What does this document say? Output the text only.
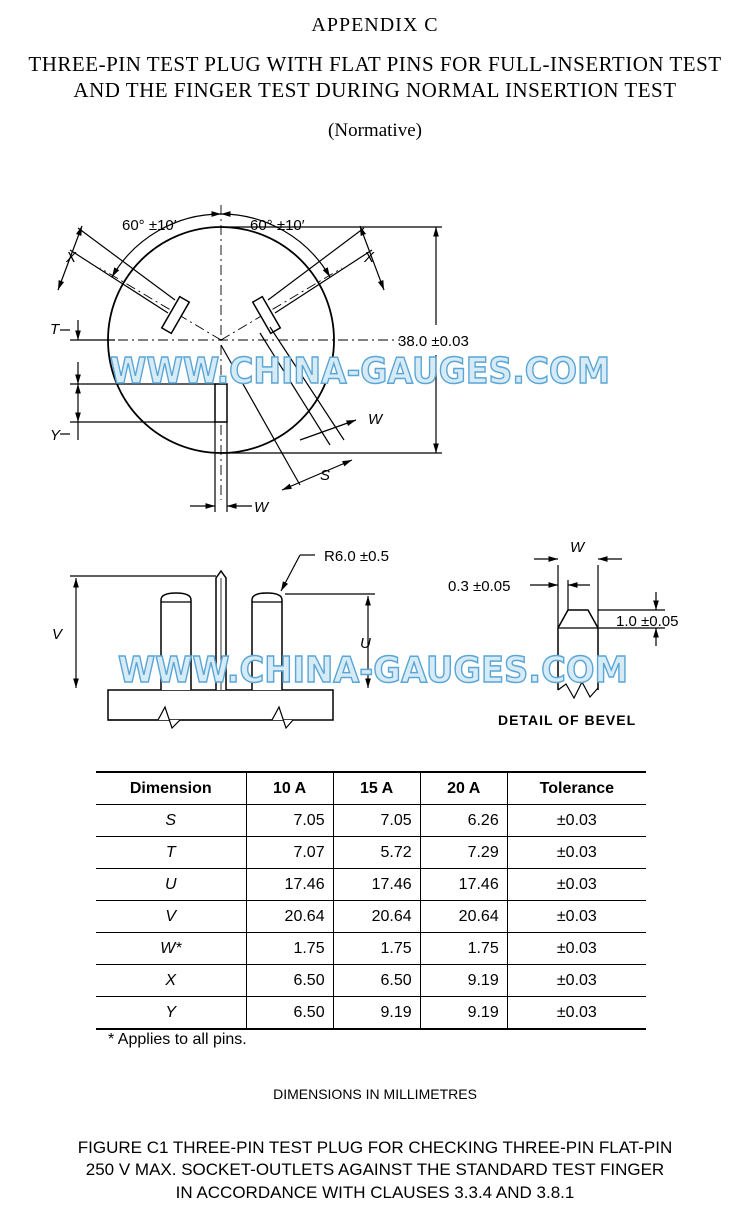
APPENDIX C
THREE-PIN TEST PLUG WITH FLAT PINS FOR FULL-INSERTION TEST
AND THE FINGER TEST DURING NORMAL INSERTION TEST
(Normative)
60° ±10′	60° ±10′
38.0 ±0.03
T
Y
X	X
W
S
W
R6.0 ±0.5
V
U
W
0.3 ±0.05
1.0 ±0.05
DETAIL OF BEVEL
WWW.CHINA-GAUGES.COM
WWW.CHINA-GAUGES.COM
Dimension	10 A	15 A	20 A	Tolerance
S	7.05	7.05	6.26	±0.03
T	7.07	5.72	7.29	±0.03
U	17.46	17.46	17.46	±0.03
V	20.64	20.64	20.64	±0.03
W*	1.75	1.75	1.75	±0.03
X	6.50	6.50	9.19	±0.03
Y	6.50	9.19	9.19	±0.03
* Applies to all pins.
DIMENSIONS IN MILLIMETRES
FIGURE C1 THREE-PIN TEST PLUG FOR CHECKING THREE-PIN FLAT-PIN
250 V MAX. SOCKET-OUTLETS AGAINST THE STANDARD TEST FINGER
IN ACCORDANCE WITH CLAUSES 3.3.4 AND 3.8.1
